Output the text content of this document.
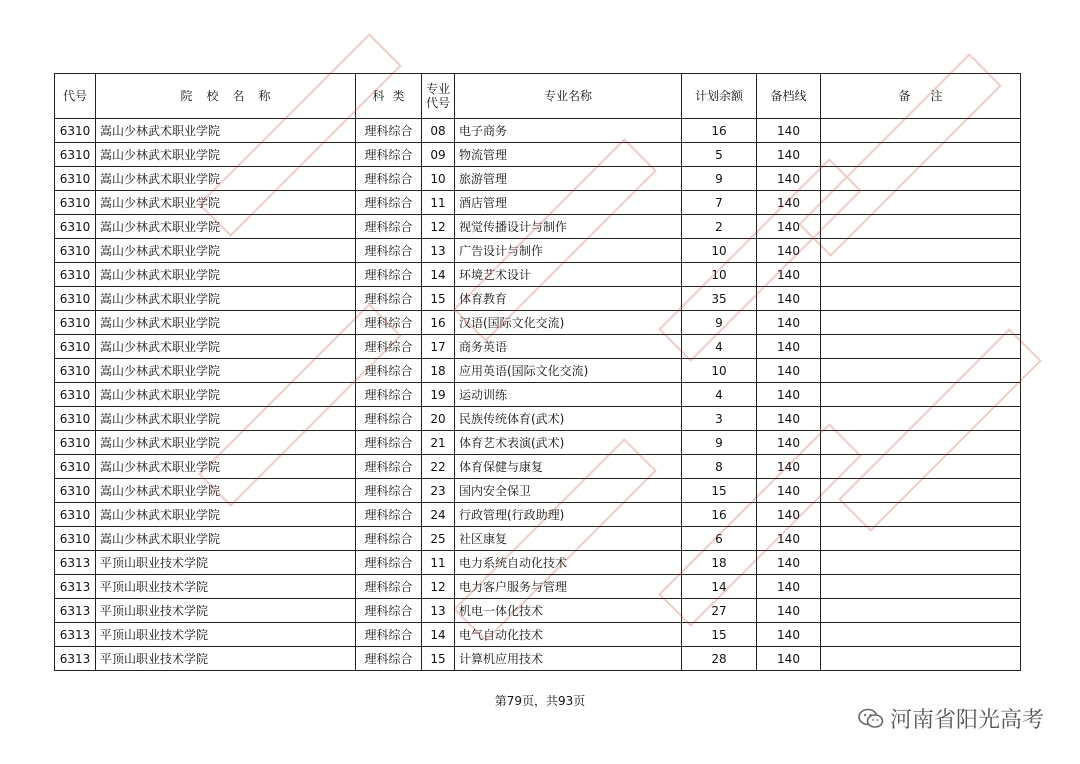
代号	院校名称	科类	专业代号	专业名称	计划余额	备档线	备注
6310	嵩山少林武术职业学院	理科综合	08	电子商务	16	140	
6310	嵩山少林武术职业学院	理科综合	09	物流管理	5	140	
6310	嵩山少林武术职业学院	理科综合	10	旅游管理	9	140	
6310	嵩山少林武术职业学院	理科综合	11	酒店管理	7	140	
6310	嵩山少林武术职业学院	理科综合	12	视觉传播设计与制作	2	140	
6310	嵩山少林武术职业学院	理科综合	13	广告设计与制作	10	140	
6310	嵩山少林武术职业学院	理科综合	14	环境艺术设计	10	140	
6310	嵩山少林武术职业学院	理科综合	15	体育教育	35	140	
6310	嵩山少林武术职业学院	理科综合	16	汉语(国际文化交流)	9	140	
6310	嵩山少林武术职业学院	理科综合	17	商务英语	4	140	
6310	嵩山少林武术职业学院	理科综合	18	应用英语(国际文化交流)	10	140	
6310	嵩山少林武术职业学院	理科综合	19	运动训练	4	140	
6310	嵩山少林武术职业学院	理科综合	20	民族传统体育(武术)	3	140	
6310	嵩山少林武术职业学院	理科综合	21	体育艺术表演(武术)	9	140	
6310	嵩山少林武术职业学院	理科综合	22	体育保健与康复	8	140	
6310	嵩山少林武术职业学院	理科综合	23	国内安全保卫	15	140	
6310	嵩山少林武术职业学院	理科综合	24	行政管理(行政助理)	16	140	
6310	嵩山少林武术职业学院	理科综合	25	社区康复	6	140	
6313	平顶山职业技术学院	理科综合	11	电力系统自动化技术	18	140	
6313	平顶山职业技术学院	理科综合	12	电力客户服务与管理	14	140	
6313	平顶山职业技术学院	理科综合	13	机电一体化技术	27	140	
6313	平顶山职业技术学院	理科综合	14	电气自动化技术	15	140	
6313	平顶山职业技术学院	理科综合	15	计算机应用技术	28	140	
第79页，共93页
河南省阳光高考
